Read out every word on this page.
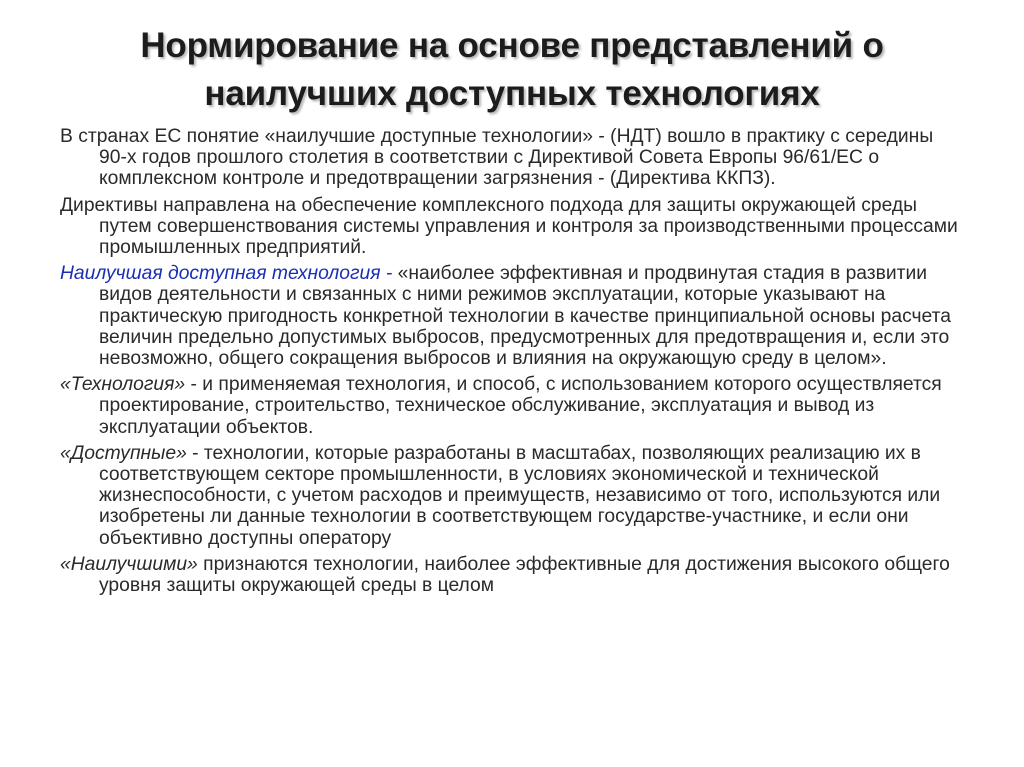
Нормирование на основе представлений о
наилучших доступных технологиях

В странах ЕС понятие «наилучшие доступные технологии» - (НДТ) вошло в практику с середины 90-х годов прошлого столетия в соответствии с Директивой Совета Европы 96/61/ЕС о комплексном контроле и предотвращении загрязнения - (Директива ККПЗ).

Директивы направлена на обеспечение комплексного подхода для защиты окружающей среды путем совершенствования системы управления и контроля за производственными процессами промышленных предприятий.

Наилучшая доступная технология - «наиболее эффективная и продвинутая стадия в развитии видов деятельности и связанных с ними режимов эксплуатации, которые указывают на практическую пригодность конкретной технологии в качестве принципиальной основы расчета величин предельно допустимых выбросов, предусмотренных для предотвращения и, если это невозможно, общего сокращения выбросов и влияния на окружающую среду в целом».

«Технология» - и применяемая технология, и способ, с использованием которого осуществляется проектирование, строительство, техническое обслуживание, эксплуатация и вывод из эксплуатации объектов.

«Доступные» - технологии, которые разработаны в масштабах, позволяющих реализацию их в соответствующем секторе промышленности, в условиях экономической и технической жизнеспособности, с учетом расходов и преимуществ, независимо от того, используются или изобретены ли данные технологии в соответствующем государстве-участнике, и если они объективно доступны оператору

«Наилучшими» признаются технологии, наиболее эффективные для достижения высокого общего уровня защиты окружающей среды в целом
